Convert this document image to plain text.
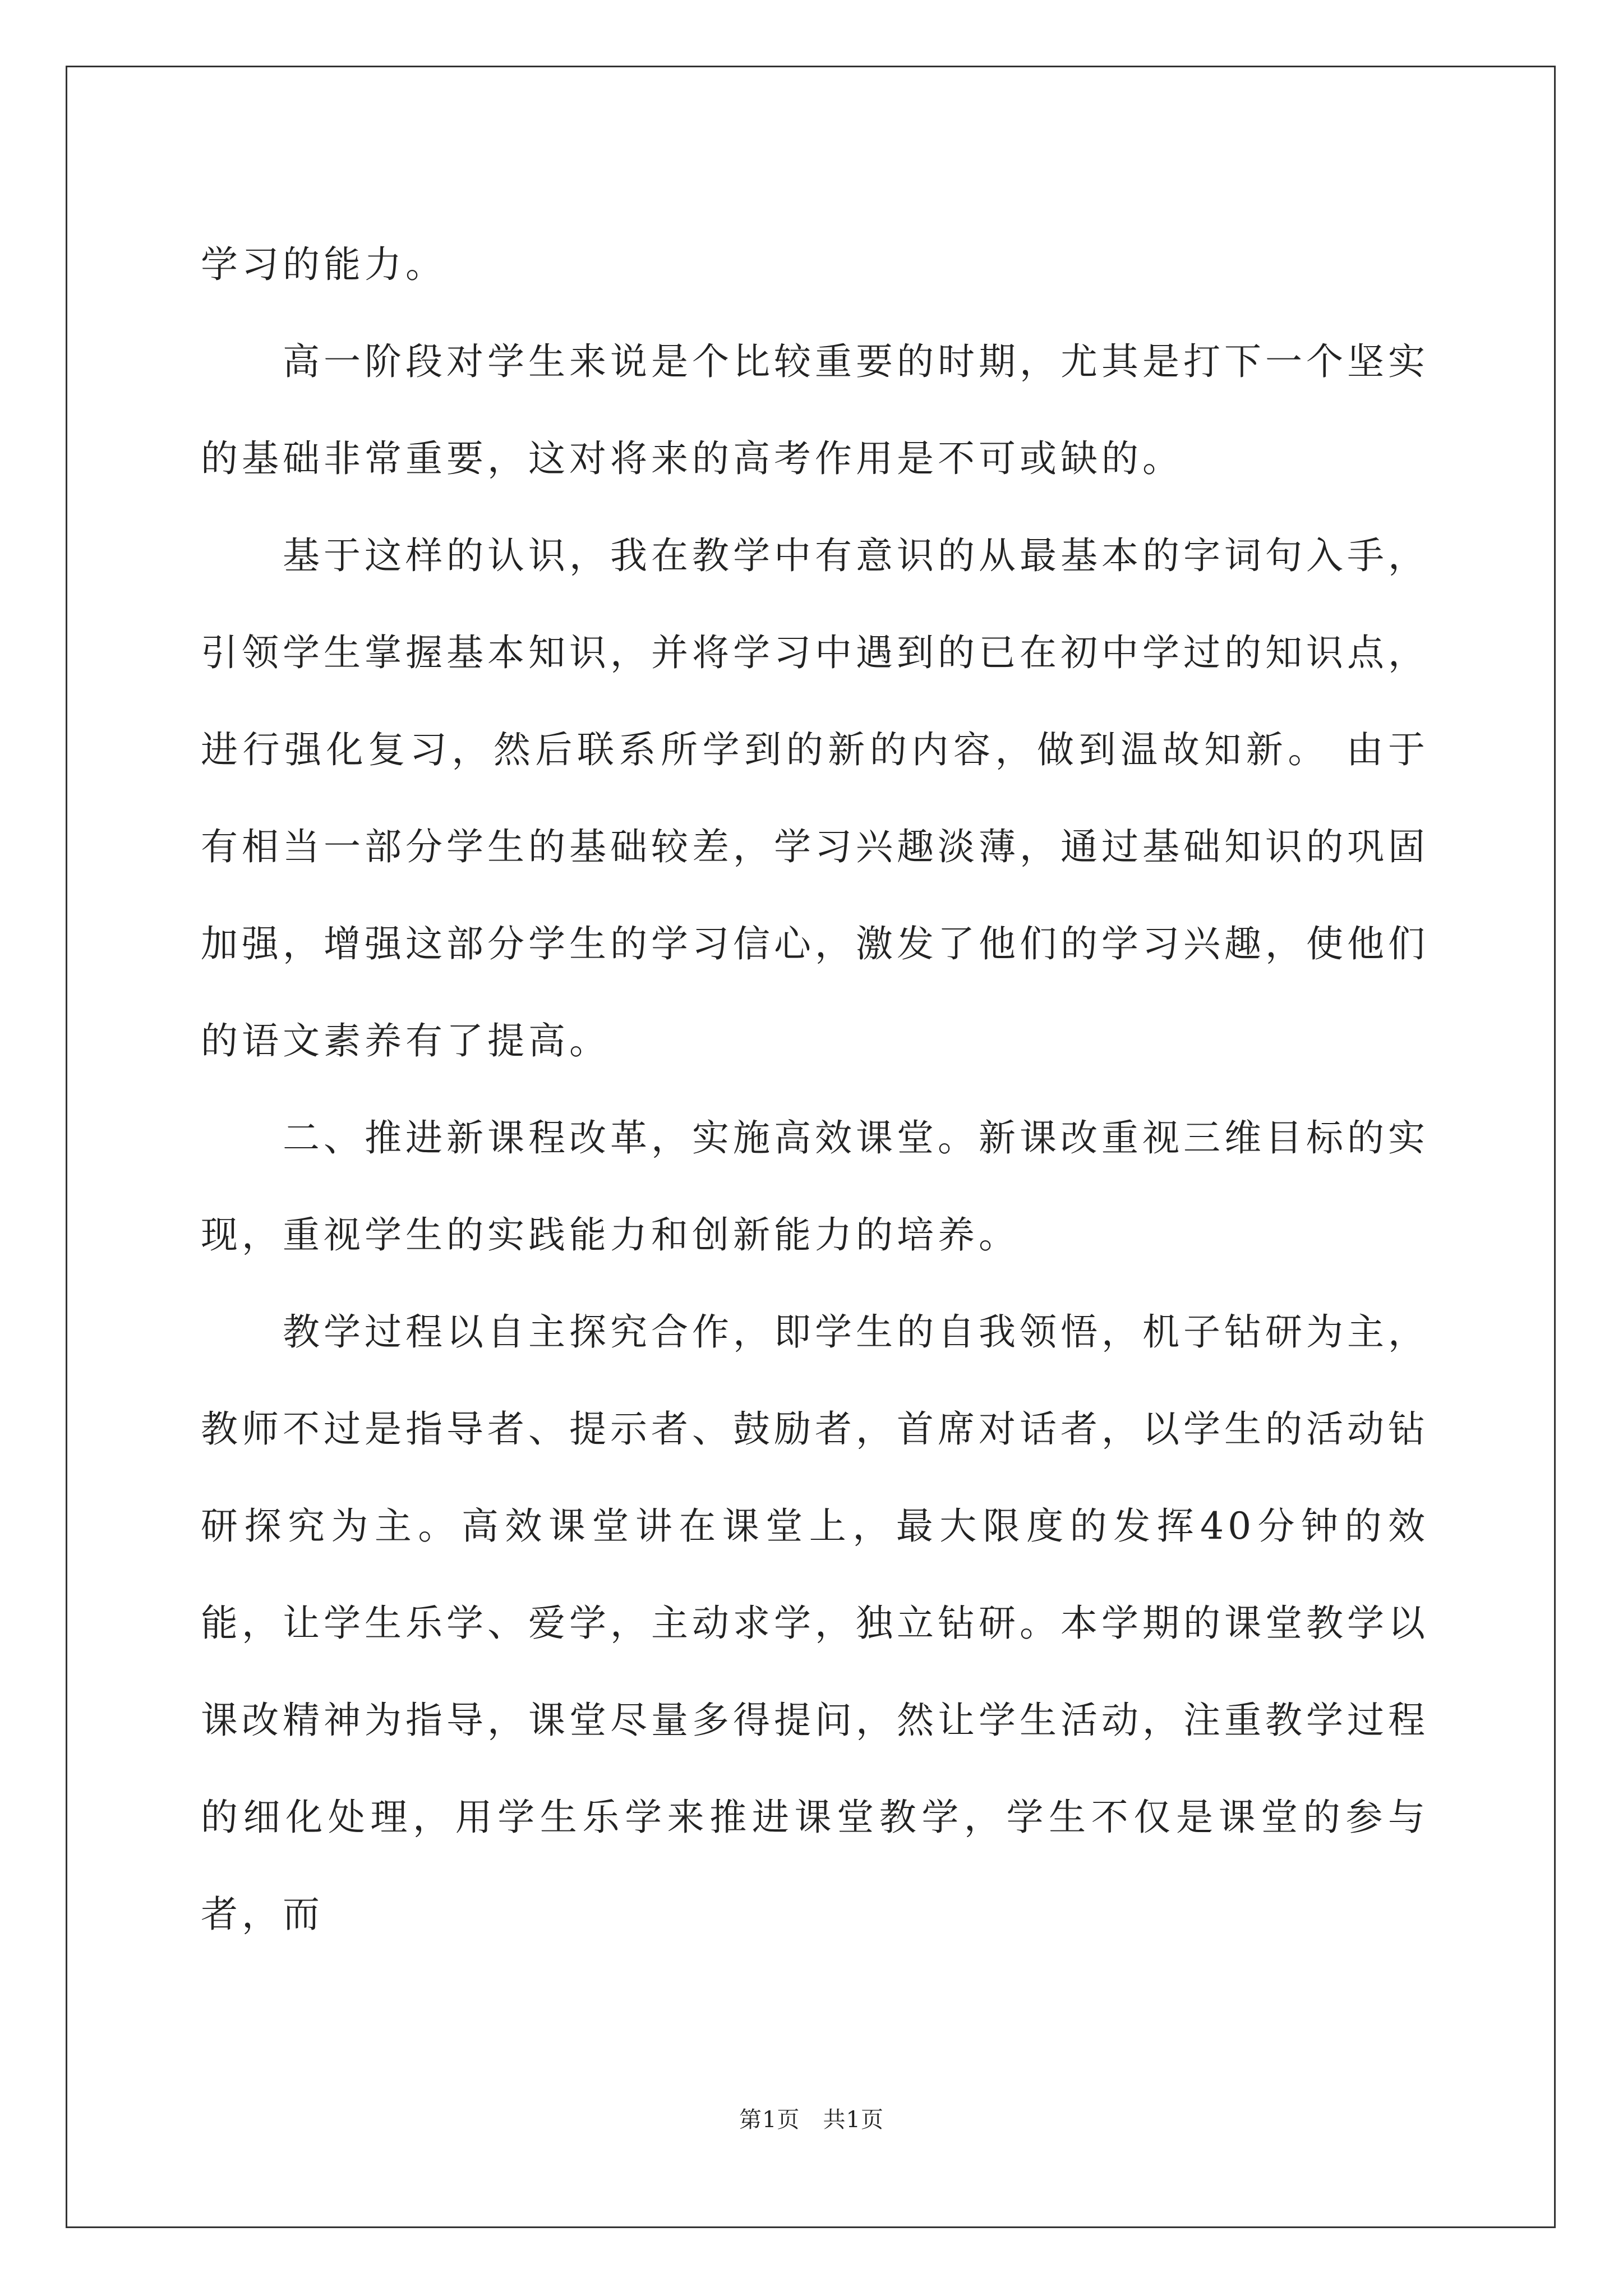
学习的能力。

高一阶段对学生来说是个比较重要的时期，尤其是打下一个坚实的基础非常重要，这对将来的高考作用是不可或缺的。

基于这样的认识，我在教学中有意识的从最基本的字词句入手，引领学生掌握基本知识，并将学习中遇到的已在初中学过的知识点，进行强化复习，然后联系所学到的新的内容，做到温故知新。 由于有相当一部分学生的基础较差，学习兴趣淡薄，通过基础知识的巩固加强，增强这部分学生的学习信心，激发了他们的学习兴趣，使他们的语文素养有了提高。

二、推进新课程改革，实施高效课堂。新课改重视三维目标的实现，重视学生的实践能力和创新能力的培养。

教学过程以自主探究合作，即学生的自我领悟，机子钻研为主，教师不过是指导者、提示者、鼓励者，首席对话者，以学生的活动钻研探究为主。高效课堂讲在课堂上，最大限度的发挥40分钟的效能，让学生乐学、爱学，主动求学，独立钻研。本学期的课堂教学以课改精神为指导，课堂尽量多得提问，然让学生活动，注重教学过程的细化处理，用学生乐学来推进课堂教学，学生不仅是课堂的参与者，而

第1页   共1页
